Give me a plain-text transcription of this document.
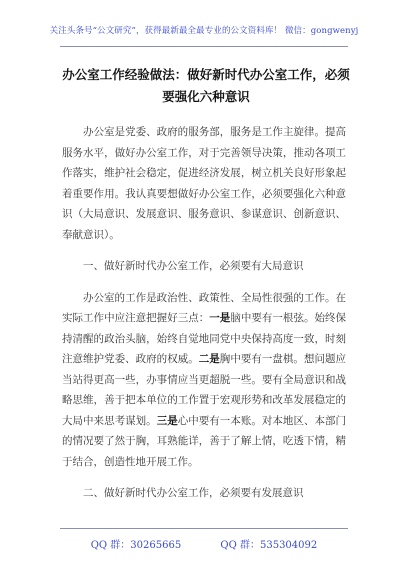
关注头条号“公文研究”，获得最新最全最专业的公文资料库！ 微信：gongwenyj
办公室工作经验做法：做好新时代办公室工作，必须要强化六种意识

办公室是党委、政府的服务部，服务是工作主旋律。提高服务水平，做好办公室工作，对于完善领导决策，推动各项工作落实，维护社会稳定，促进经济发展，树立机关良好形象起着重要作用。我认真要想做好办公室工作，必须要强化六种意识（大局意识、发展意识、服务意识、参谋意识、创新意识、奉献意识）。

一、做好新时代办公室工作，必须要有大局意识

办公室的工作是政治性、政策性、全局性很强的工作。在实际工作中应注意把握好三点：一是脑中要有一根弦。始终保持清醒的政治头脑，始终自觉地同党中央保持高度一致，时刻注意维护党委、政府的权威。二是胸中要有一盘棋。想问题应当站得更高一些，办事情应当更超脱一些。要有全局意识和战略思维，善于把本单位的工作置于宏观形势和改革发展稳定的大局中来思考谋划。三是心中要有一本账。对本地区、本部门的情况要了然于胸，耳熟能详，善于了解上情，吃透下情，精于结合，创造性地开展工作。

二、做好新时代办公室工作，必须要有发展意识

QQ 群：30265665	QQ 群：535304092
